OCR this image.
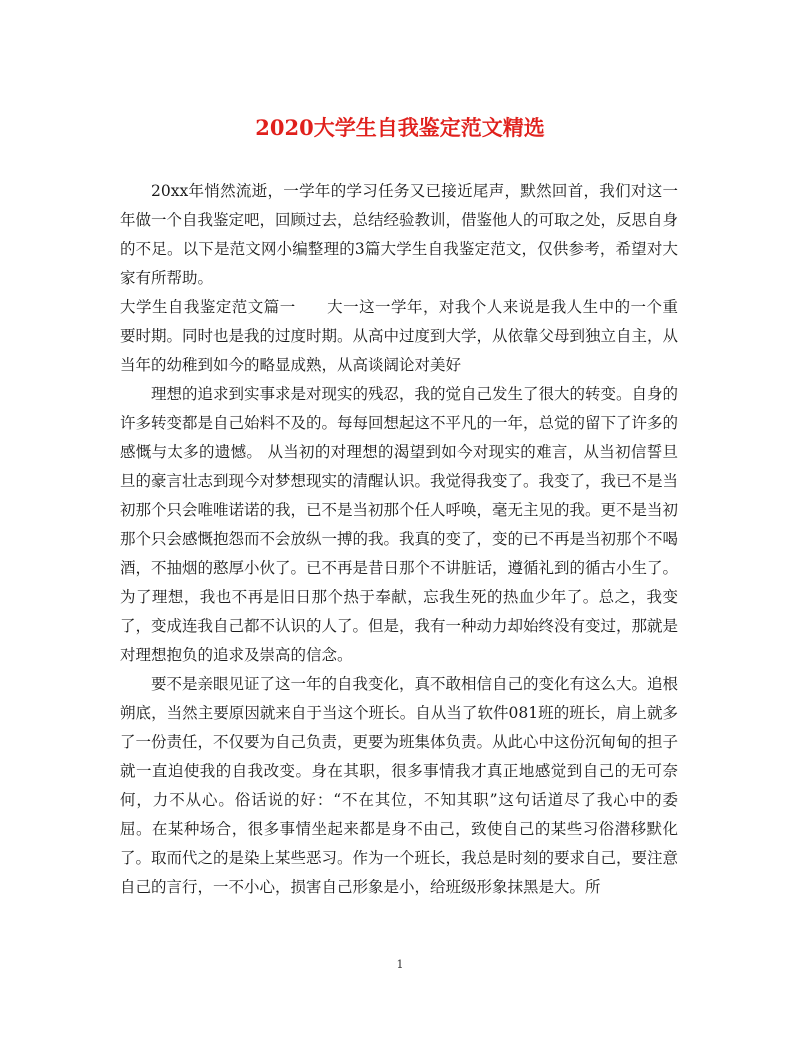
2020大学生自我鉴定范文精选

20xx年悄然流逝，一学年的学习任务又已接近尾声，默然回首，我们对这一年做一个自我鉴定吧，回顾过去，总结经验教训，借鉴他人的可取之处，反思自身的不足。以下是范文网小编整理的3篇大学生自我鉴定范文，仅供参考，希望对大家有所帮助。

大学生自我鉴定范文篇一 大一这一学年，对我个人来说是我人生中的一个重要时期。同时也是我的过度时期。从高中过度到大学，从依靠父母到独立自主，从当年的幼稚到如今的略显成熟，从高谈阔论对美好

理想的追求到实事求是对现实的残忍，我的觉自己发生了很大的转变。自身的许多转变都是自己始料不及的。每每回想起这不平凡的一年，总觉的留下了许多的感慨与太多的遗憾。 从当初的对理想的渴望到如今对现实的难言，从当初信誓旦旦的豪言壮志到现今对梦想现实的清醒认识。我觉得我变了。我变了，我已不是当初那个只会唯唯诺诺的我，已不是当初那个任人呼唤，毫无主见的我。更不是当初那个只会感慨抱怨而不会放纵一搏的我。我真的变了，变的已不再是当初那个不喝酒，不抽烟的憨厚小伙了。已不再是昔日那个不讲脏话，遵循礼到的循古小生了。为了理想，我也不再是旧日那个热于奉献，忘我生死的热血少年了。总之，我变了，变成连我自己都不认识的人了。但是，我有一种动力却始终没有变过，那就是对理想抱负的追求及崇高的信念。

要不是亲眼见证了这一年的自我变化，真不敢相信自己的变化有这么大。追根朔底，当然主要原因就来自于当这个班长。自从当了软件081班的班长，肩上就多了一份责任，不仅要为自己负责，更要为班集体负责。从此心中这份沉甸甸的担子就一直迫使我的自我改变。身在其职，很多事情我才真正地感觉到自己的无可奈何，力不从心。俗话说的好：“不在其位，不知其职”这句话道尽了我心中的委屈。在某种场合，很多事情坐起来都是身不由己，致使自己的某些习俗潜移默化了。取而代之的是染上某些恶习。作为一个班长，我总是时刻的要求自己，要注意自己的言行，一不小心，损害自己形象是小，给班级形象抹黑是大。所

1
